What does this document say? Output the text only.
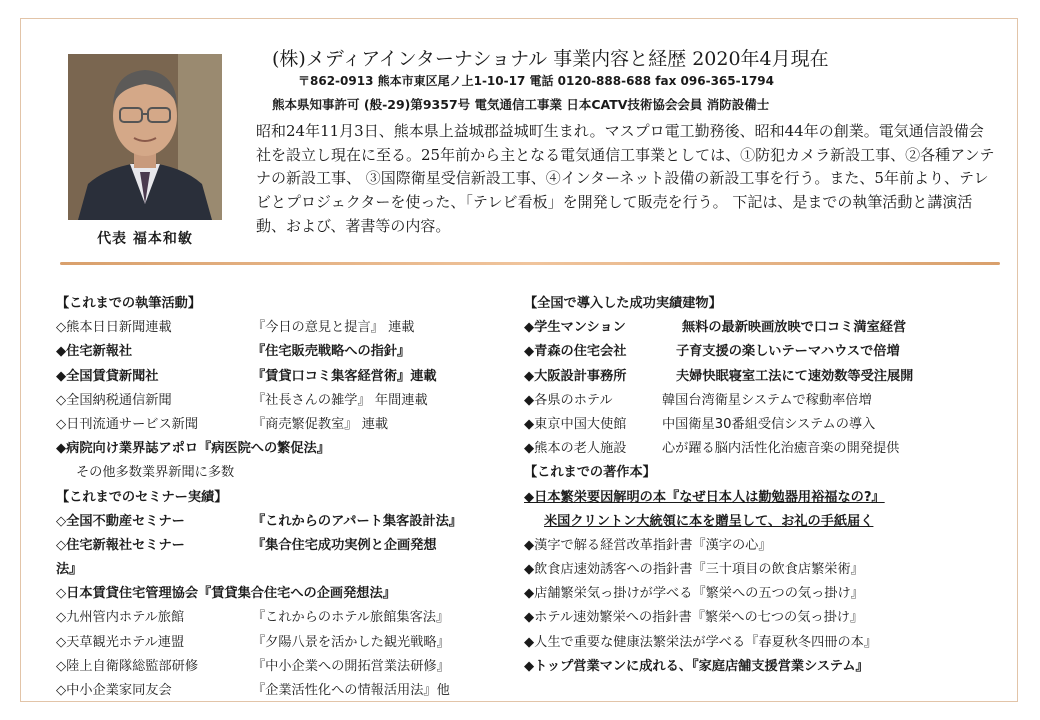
代表 福本和敏
(株)メディアインターナショナル 事業内容と経歴 2020年4月現在
〒862-0913 熊本市東区尾ノ上1-10-17 電話 0120-888-688 fax 096-365-1794
熊本県知事許可 (般-29)第9357号 電気通信工事業 日本CATV技術協会会員 消防設備士

昭和24年11月3日、熊本県上益城郡益城町生まれ。マスプロ電工勤務後、昭和44年の創業。電気通信設備会社を設立し現在に至る。25年前から主となる電気通信工事業としては、①防犯カメラ新設工事、②各種アンテナの新設工事、 ③国際衛星受信新設工事、④インターネット設備の新設工事を行う。また、5年前より、テレビとプロジェクターを使った、「テレビ看板」を開発して販売を行う。 下記は、是までの執筆活動と講演活動、および、著書等の内容。

【これまでの執筆活動】
◇熊本日日新聞連載	『今日の意見と提言』 連載
◆住宅新報社	『住宅販売戦略への指針』
◆全国賃貸新聞社	『賃貸口コミ集客経営術』連載
◇全国納税通信新聞	『社長さんの雑学』 年間連載
◇日刊流通サービス新聞	『商売繁促教室』 連載
◆病院向け業界誌アポロ『病医院への繁促法』
その他多数業界新聞に多数
【これまでのセミナー実績】
◇全国不動産セミナー	『これからのアパート集客設計法』
◇住宅新報社セミナー	『集合住宅成功実例と企画発想
法』
◇日本賃貸住宅管理協会『賃貸集合住宅への企画発想法』
◇九州管内ホテル旅館	『これからのホテル旅館集客法』
◇天草観光ホテル連盟	『夕陽八景を活かした観光戦略』
◇陸上自衛隊総監部研修	『中小企業への開拓営業法研修』
◇中小企業家同友会	『企業活性化への情報活用法』他
【全国で導入した成功実績建物】
◆学生マンション	無料の最新映画放映で口コミ満室経営
◆青森の住宅会社	子育支援の楽しいテーマハウスで倍増
◆大阪設計事務所	夫婦快眠寝室工法にて速効数等受注展開
◆各県のホテル	韓国台湾衛星システムで稼動率倍増
◆東京中国大使館	中国衛星30番組受信システムの導入
◆熊本の老人施設	心が躍る脳内活性化治癒音楽の開発提供
【これまでの著作本】
◆日本繁栄要因解明の本『なぜ日本人は勤勉器用裕福なの?』
米国クリントン大統領に本を贈呈して、お礼の手紙届く
◆漢字で解る経営改革指針書『漢字の心』
◆飲食店速効誘客への指針書『三十項目の飲食店繁栄術』
◆店舗繁栄気っ掛けが学べる『繁栄への五つの気っ掛け』
◆ホテル速効繁栄への指針書『繁栄への七つの気っ掛け』
◆人生で重要な健康法繁栄法が学べる『春夏秋冬四冊の本』
◆トップ営業マンに成れる、『家庭店舗支援営業システム』
